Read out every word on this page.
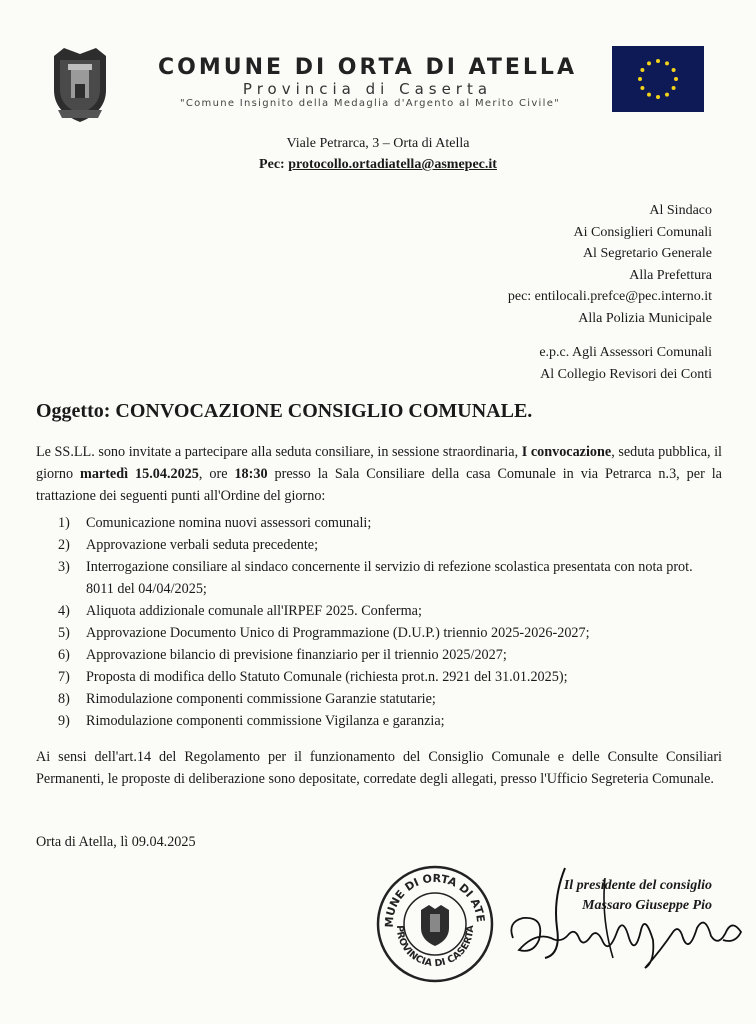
COMUNE DI ORTA DI ATELLA
Provincia di Caserta
"Comune Insignito della Medaglia d'Argento al Merito Civile"
Viale Petrarca, 3 – Orta di Atella
Pec: protocollo.ortadiatella@asmepec.it
Al Sindaco
Ai Consiglieri Comunali
Al Segretario Generale
Alla Prefettura
pec: entilocali.prefce@pec.interno.it
Alla Polizia Municipale
e.p.c. Agli Assessori Comunali
Al Collegio Revisori dei Conti
Oggetto: CONVOCAZIONE CONSIGLIO COMUNALE.
Le SS.LL. sono invitate a partecipare alla seduta consiliare, in sessione straordinaria, I convocazione, seduta pubblica, il giorno martedì 15.04.2025, ore 18:30 presso la Sala Consiliare della casa Comunale in via Petrarca n.3, per la trattazione dei seguenti punti all'Ordine del giorno:
1)	Comunicazione nomina nuovi assessori comunali;
2)	Approvazione verbali seduta precedente;
3)	Interrogazione consiliare al sindaco concernente il servizio di refezione scolastica presentata con nota prot. 8011 del 04/04/2025;
4)	Aliquota addizionale comunale all'IRPEF 2025. Conferma;
5)	Approvazione Documento Unico di Programmazione (D.U.P.) triennio 2025-2026-2027;
6)	Approvazione bilancio di previsione finanziario per il triennio 2025/2027;
7)	Proposta di modifica dello Statuto Comunale (richiesta prot.n. 2921 del 31.01.2025);
8)	Rimodulazione componenti commissione Garanzie statutarie;
9)	Rimodulazione componenti commissione Vigilanza e garanzia;
Ai sensi dell'art.14 del Regolamento per il funzionamento del Consiglio Comunale e delle Consulte Consiliari Permanenti, le proposte di deliberazione sono depositate, corredate degli allegati, presso l'Ufficio Segreteria Comunale.
Orta di Atella, lì 09.04.2025
MUNE DI ORTA DI ATE
PROVINCIA DI CASERTA
Il presidente del consiglio
Massaro Giuseppe Pio
